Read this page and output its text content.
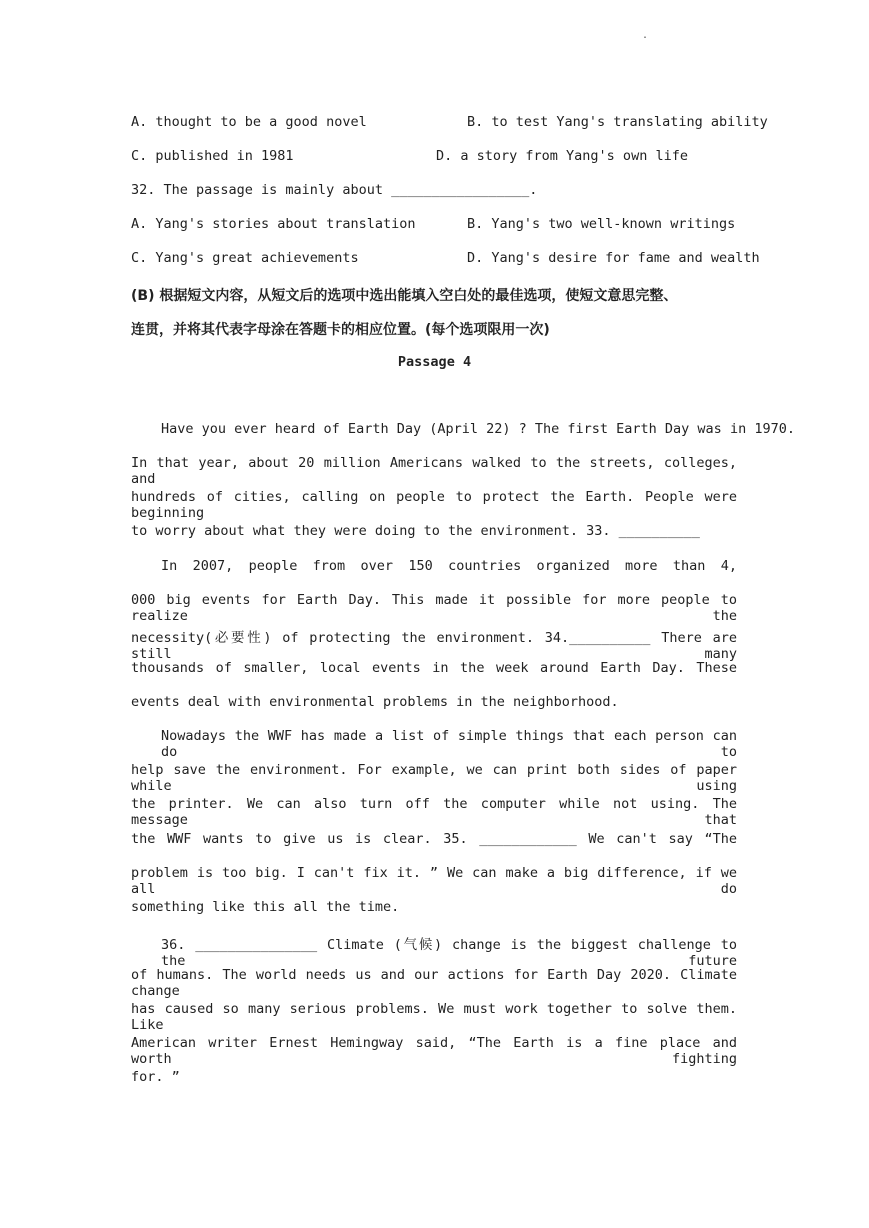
.
A. thought to be a good novel	B. to test Yang's translating ability
C. published in 1981	D. a story from Yang's own life
32. The passage is mainly about _________________.
A. Yang's stories about translation	B. Yang's two well-known writings
C. Yang's great achievements	D. Yang's desire for fame and wealth
(B) 根据短文内容，从短文后的选项中选出能填入空白处的最佳选项，使短文意思完整、
连贯，并将其代表字母涂在答题卡的相应位置。(每个选项限用一次)
Passage 4
Have you ever heard of Earth Day (April 22) ? The first Earth Day was in 1970.
In that year, about 20 million Americans walked to the streets, colleges, and
hundreds of cities, calling on people to protect the Earth. People were beginning
to worry about what they were doing to the environment. 33. __________
In 2007, people from over 150 countries organized more than 4,
000 big events for Earth Day. This made it possible for more people to realize the
necessity(必要性) of protecting the environment. 34.__________ There are still many
thousands of smaller, local events in the week around Earth Day. These
events deal with environmental problems in the neighborhood.
Nowadays the WWF has made a list of simple things that each person can do to
help save the environment. For example, we can print both sides of paper while using
the printer. We can also turn off the computer while not using. The message that
the WWF wants to give us is clear. 35. ____________ We can't say “The
problem is too big. I can't fix it. ” We can make a big difference, if we all do
something like this all the time.
36. _______________ Climate (气候) change is the biggest challenge to the future
of humans. The world needs us and our actions for Earth Day 2020. Climate change
has caused so many serious problems. We must work together to solve them. Like
American writer Ernest Hemingway said, “The Earth is a fine place and worth fighting
for. ”
